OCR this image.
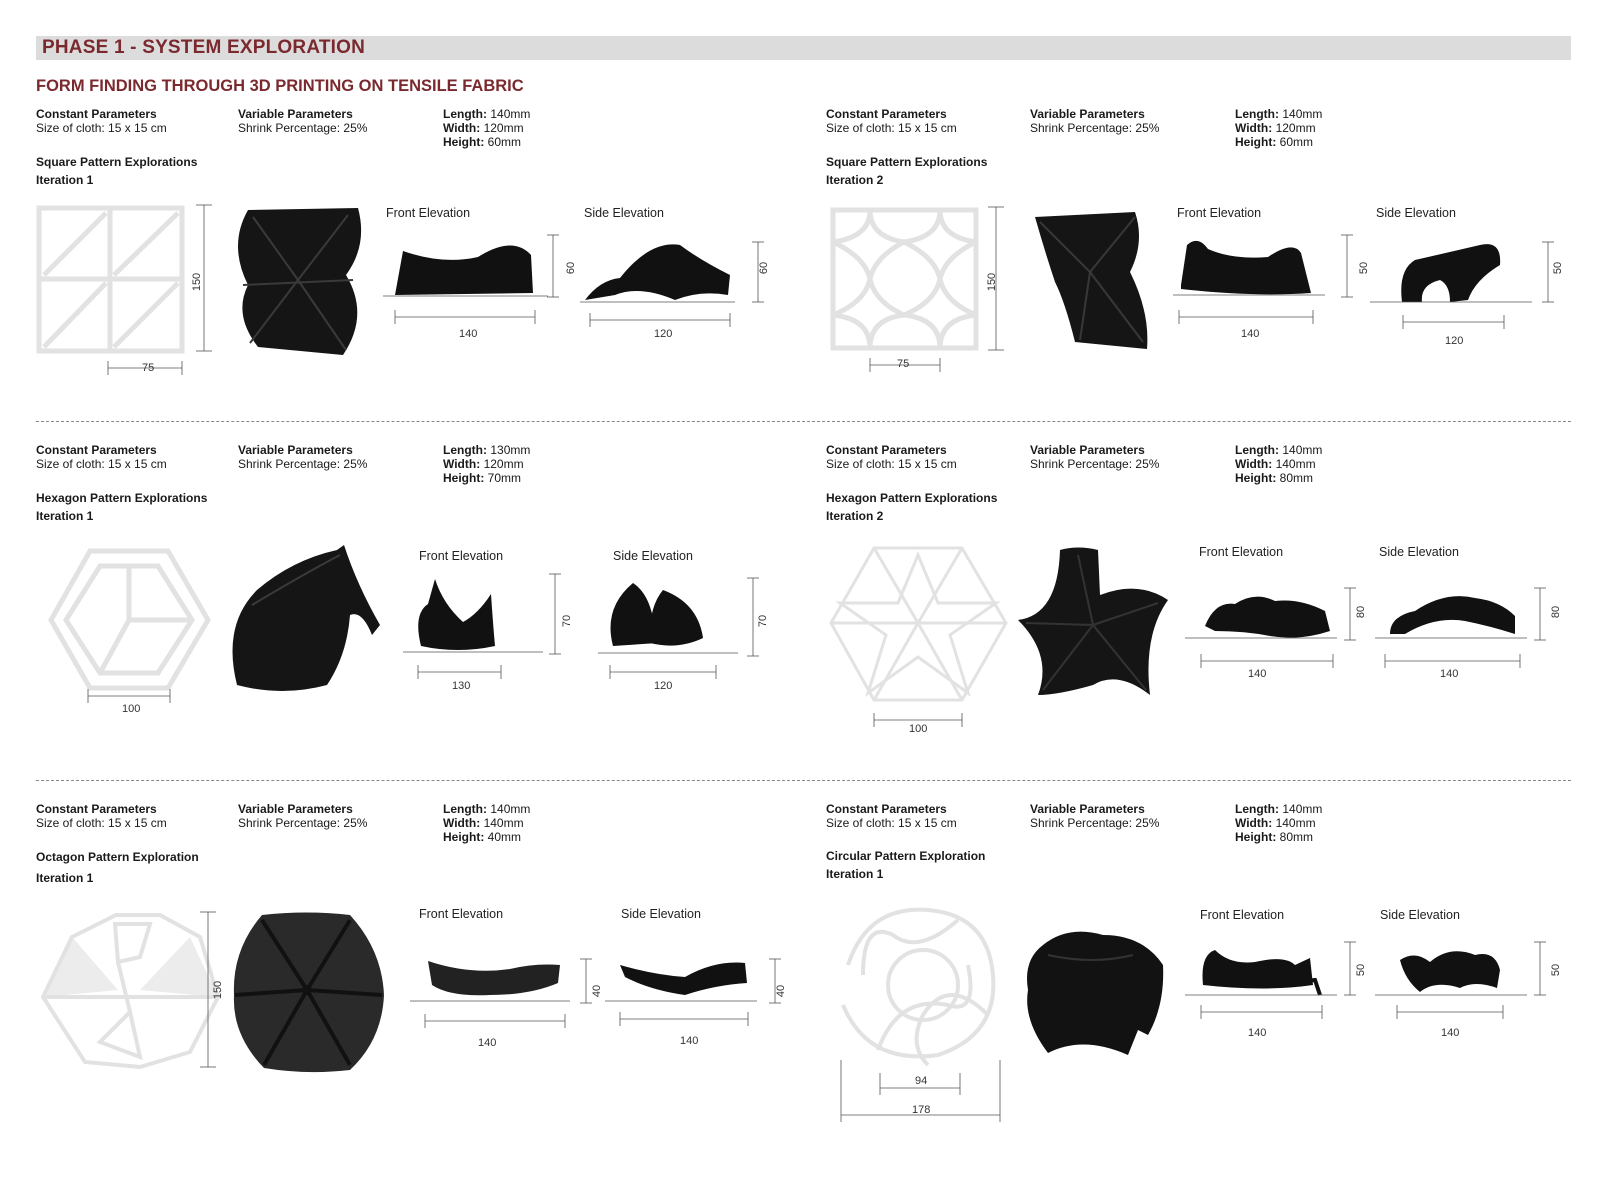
PHASE 1 - SYSTEM EXPLORATION
FORM FINDING THROUGH 3D PRINTING ON TENSILE FABRIC
Constant Parameters
Size of cloth: 15 x 15 cm
Variable Parameters
Shrink Percentage: 25%
Length: 140mm
Width: 120mm
Height: 60mm
Square Pattern Explorations
Iteration 1
150
75
Front Elevation
60
140
Side Elevation
60
120
Constant Parameters
Size of cloth: 15 x 15 cm
Variable Parameters
Shrink Percentage: 25%
Length: 140mm
Width: 120mm
Height: 60mm
Square Pattern Explorations
Iteration 2
150
75
Front Elevation
50
140
Side Elevation
50
120
Constant Parameters
Size of cloth: 15 x 15 cm
Variable Parameters
Shrink Percentage: 25%
Length: 130mm
Width: 120mm
Height: 70mm
Hexagon Pattern Explorations
Iteration 1
100
Front Elevation
70
130
Side Elevation
70
120
Constant Parameters
Size of cloth: 15 x 15 cm
Variable Parameters
Shrink Percentage: 25%
Length: 140mm
Width: 140mm
Height: 80mm
Hexagon Pattern Explorations
Iteration 2
100
Front Elevation
80
140
Side Elevation
80
140
Constant Parameters
Size of cloth: 15 x 15 cm
Variable Parameters
Shrink Percentage: 25%
Length: 140mm
Width: 140mm
Height: 40mm
Octagon Pattern Exploration
Iteration 1
150
Front Elevation
40
140
Side Elevation
40
140
Constant Parameters
Size of cloth: 15 x 15 cm
Variable Parameters
Shrink Percentage: 25%
Length: 140mm
Width: 140mm
Height: 80mm
Circular Pattern Exploration
Iteration 1
94
178
Front Elevation
50
140
Side Elevation
50
140
